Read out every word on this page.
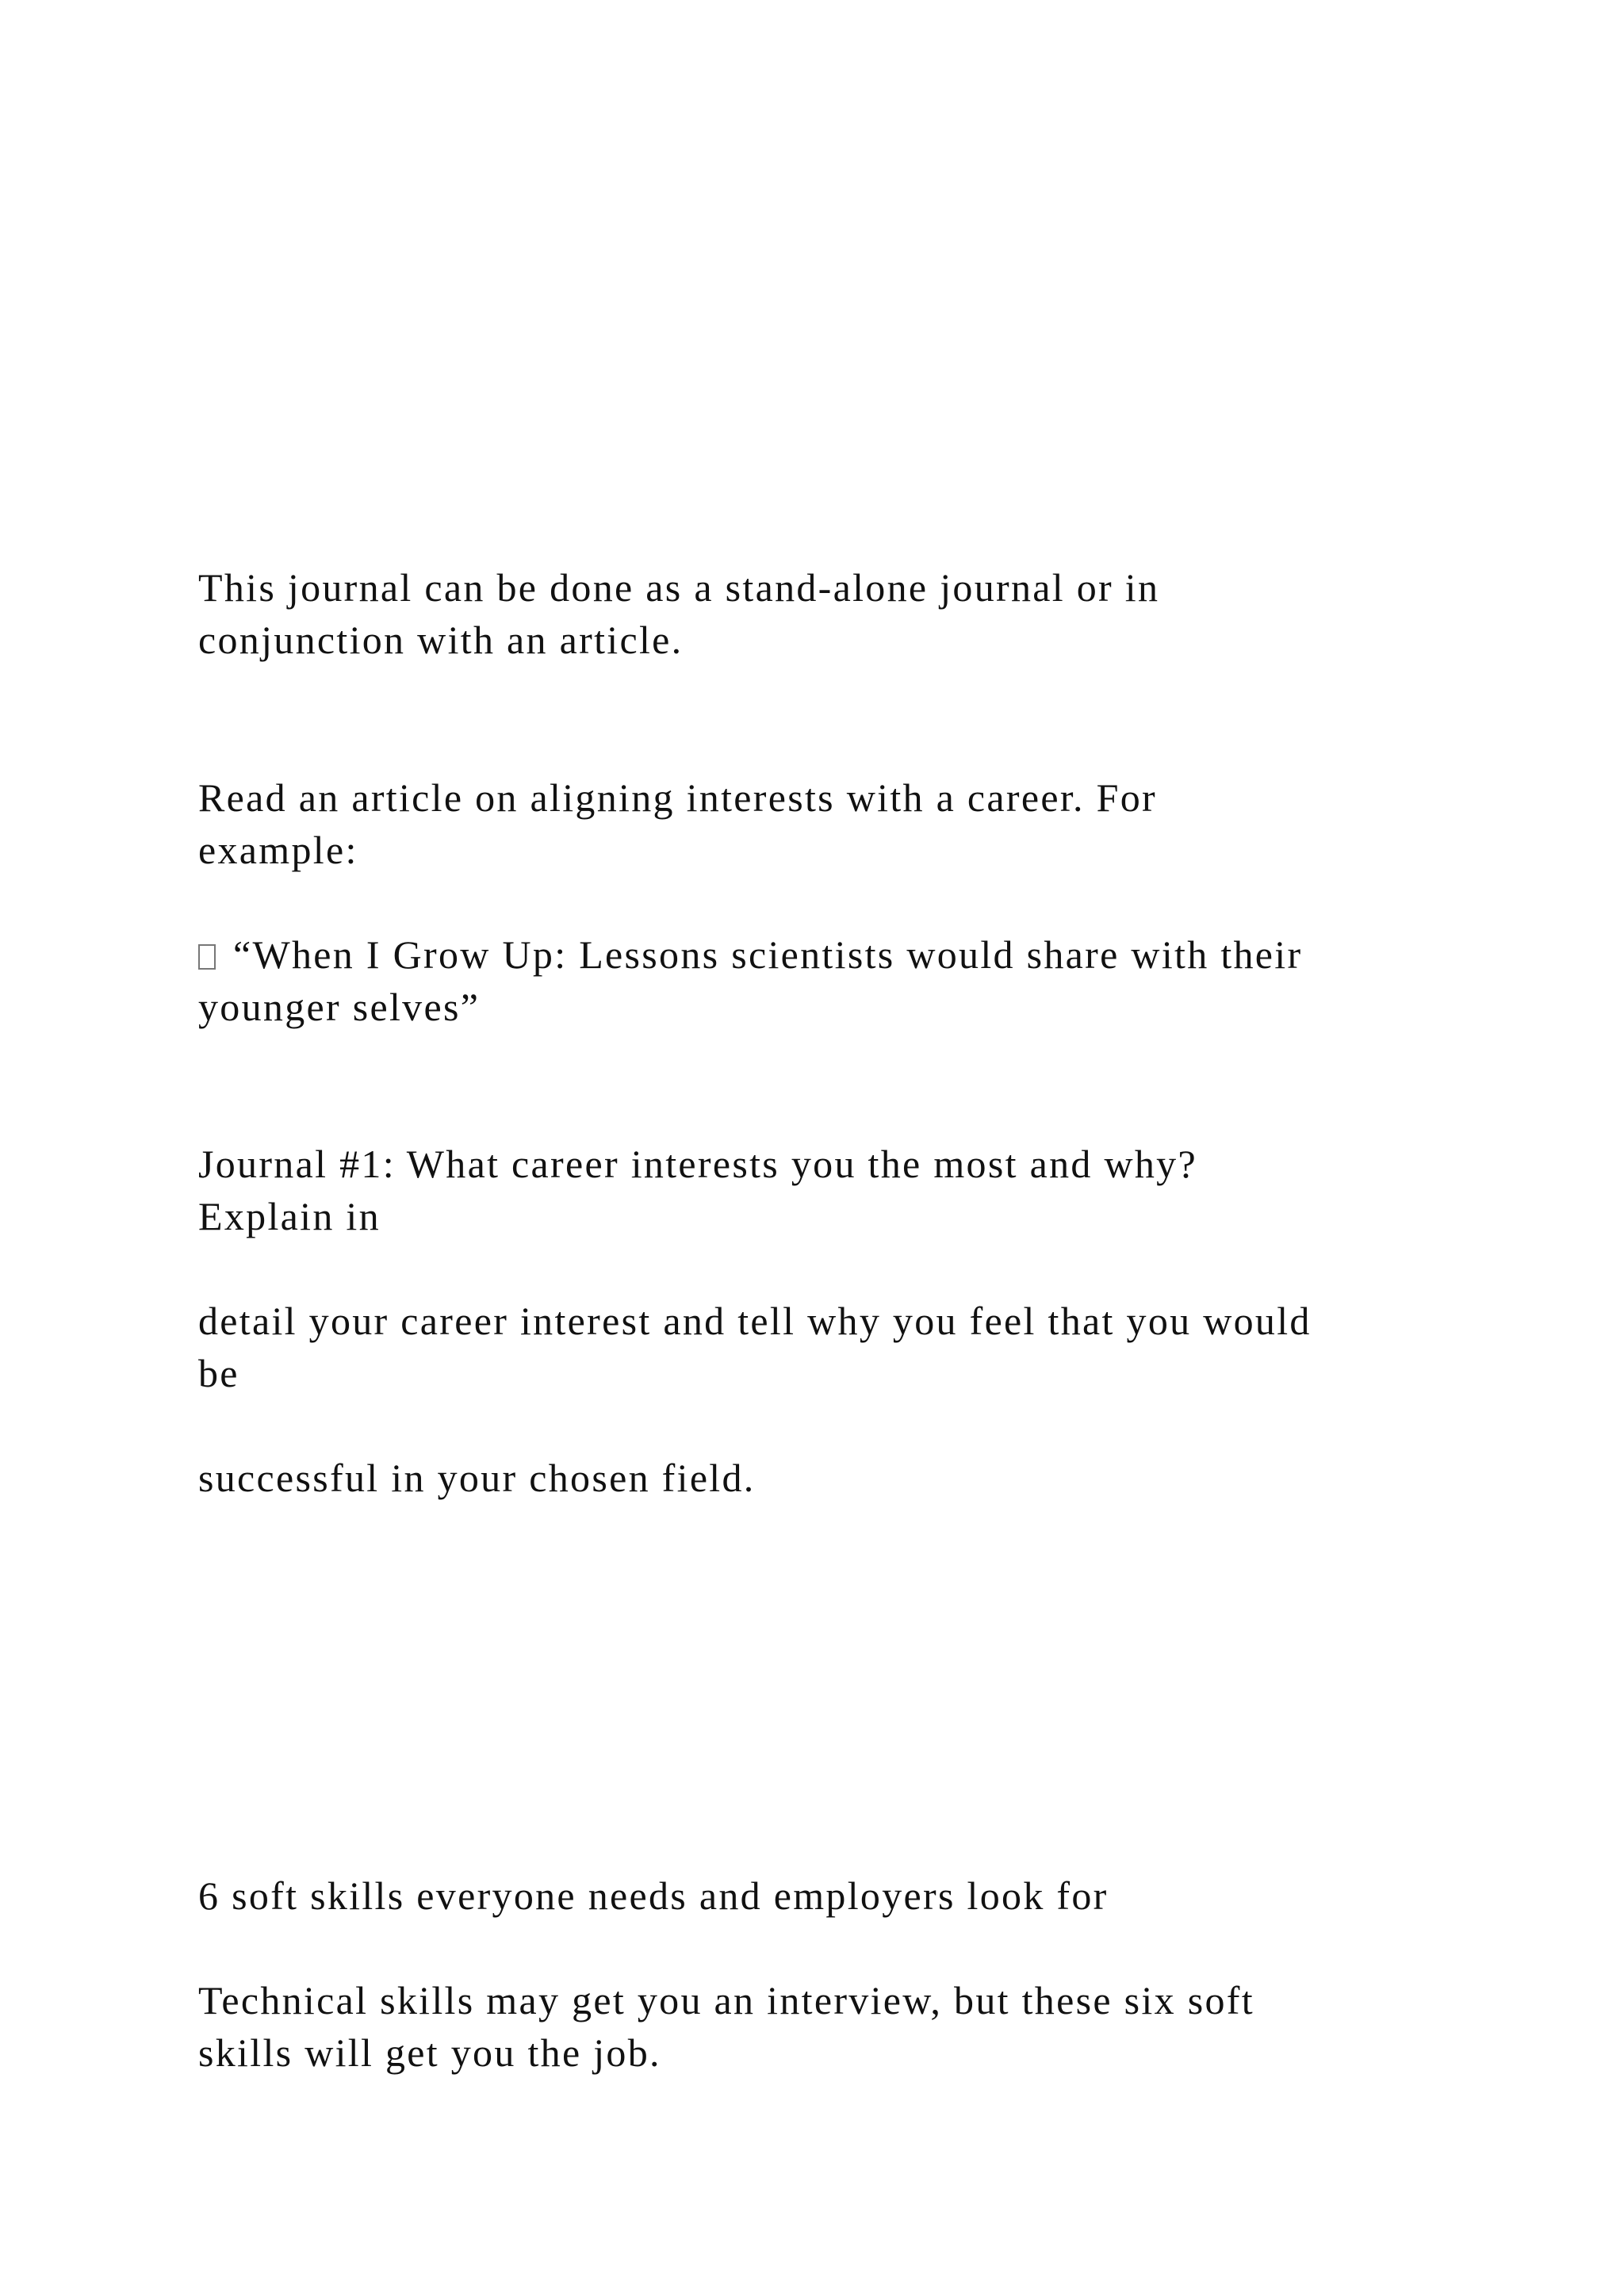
This journal can be done as a stand-alone journal or in

conjunction with an article.

Read an article on aligning interests with a career. For

example:

“When I Grow Up: Lessons scientists would share with their

younger selves”

Journal #1: What career interests you the most and why?

Explain in

detail your career interest and tell why you feel that you would

be

successful in your chosen field.

6 soft skills everyone needs and employers look for

Technical skills may get you an interview, but these six soft

skills will get you the job.
